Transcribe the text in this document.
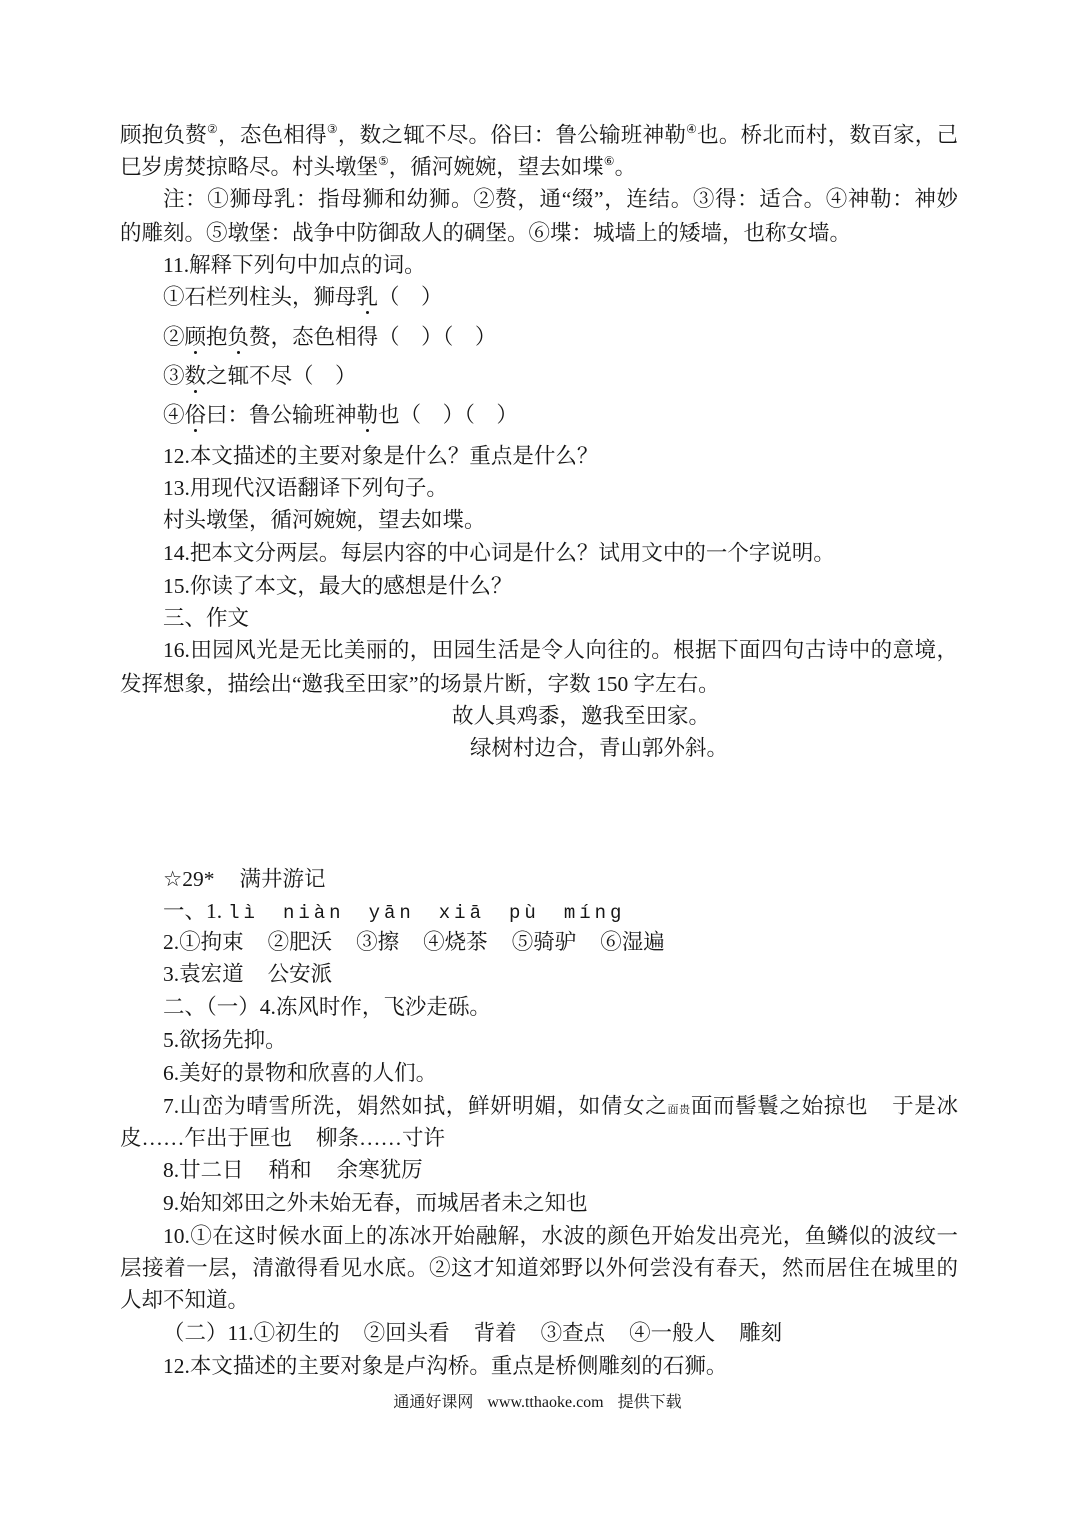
顾抱负赘②，态色相得③，数之辄不尽。俗曰：鲁公输班神勒④也。桥北而村，数百家，己
巳岁虏焚掠略尽。村头墩堡⑤，循河婉婉，望去如堞⑥。
注：①狮母乳：指母狮和幼狮。②赘，通“缀”，连结。③得：适合。④神勒：神妙
的雕刻。⑤墩堡：战争中防御敌人的碉堡。⑥堞：城墙上的矮墙，也称女墙。
11.解释下列句中加点的词。
①石栏列柱头，狮母乳（　）
②顾抱负赘，态色相得（　）（　）
③数之辄不尽（　）
④俗曰：鲁公输班神勒也（　）（　）
12.本文描述的主要对象是什么？重点是什么？
13.用现代汉语翻译下列句子。
村头墩堡，循河婉婉，望去如堞。
14.把本文分两层。每层内容的中心词是什么？试用文中的一个字说明。
15.你读了本文，最大的感想是什么？
三、作文
16.田园风光是无比美丽的，田园生活是令人向往的。根据下面四句古诗中的意境，
发挥想象，描绘出“邀我至田家”的场景片断，字数 150 字左右。
故人具鸡黍，邀我至田家。
绿树村边合，青山郭外斜。
☆29* 满井游记
一、1. lì niàn yān xiā pù míng
2.①拘束 ②肥沃 ③擦 ④烧茶 ⑤骑驴 ⑥湿遍
3.袁宏道 公安派
二、（一）4.冻风时作，飞沙走砾。
5.欲扬先抑。
6.美好的景物和欣喜的人们。
7.山峦为晴雪所洗，娟然如拭，鲜妍明媚，如倩女之面贵面而髻鬟之始掠也 于是冰
皮……乍出于匣也 柳条……寸许
8.廿二日 稍和 余寒犹厉
9.始知郊田之外未始无春，而城居者未之知也
10.①在这时候水面上的冻冰开始融解，水波的颜色开始发出亮光，鱼鳞似的波纹一
层接着一层，清澈得看见水底。②这才知道郊野以外何尝没有春天，然而居住在城里的
人却不知道。
（二）11.①初生的 ②回头看 背着 ③查点 ④一般人 雕刻
12.本文描述的主要对象是卢沟桥。重点是桥侧雕刻的石狮。
通通好课网 www.tthaoke.com 提供下载
